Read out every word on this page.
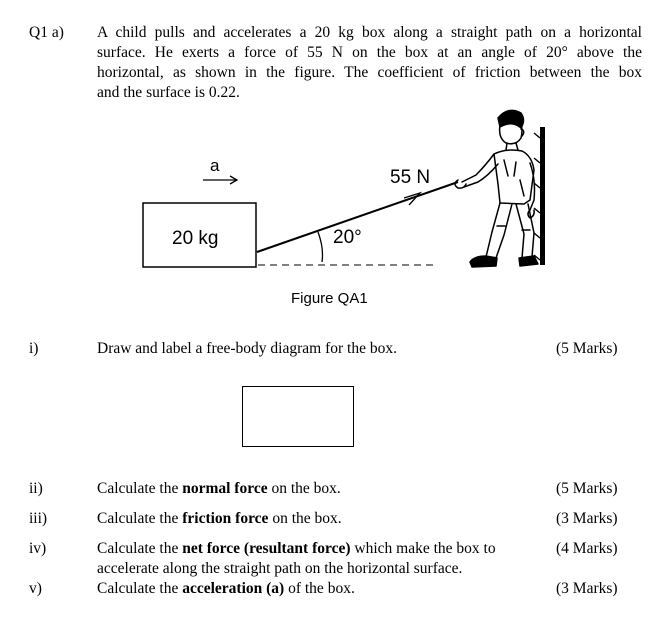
Q1 a) A child pulls and accelerates a 20 kg box along a straight path on a horizontal
surface. He exerts a force of 55 N on the box at an angle of 20° above the
horizontal, as shown in the figure. The coefficient of friction between the box
and the surface is 0.22.
20 kg
a
55 N
20°
Figure QA1
i)	Draw and label a free-body diagram for the box.	(5 Marks)
ii)	Calculate the normal force on the box.	(5 Marks)
iii)	Calculate the friction force on the box.	(3 Marks)
iv)	Calculate the net force (resultant force) which make the box to
accelerate along the straight path on the horizontal surface.
(4 Marks)
v)	Calculate the acceleration (a) of the box.	(3 Marks)
